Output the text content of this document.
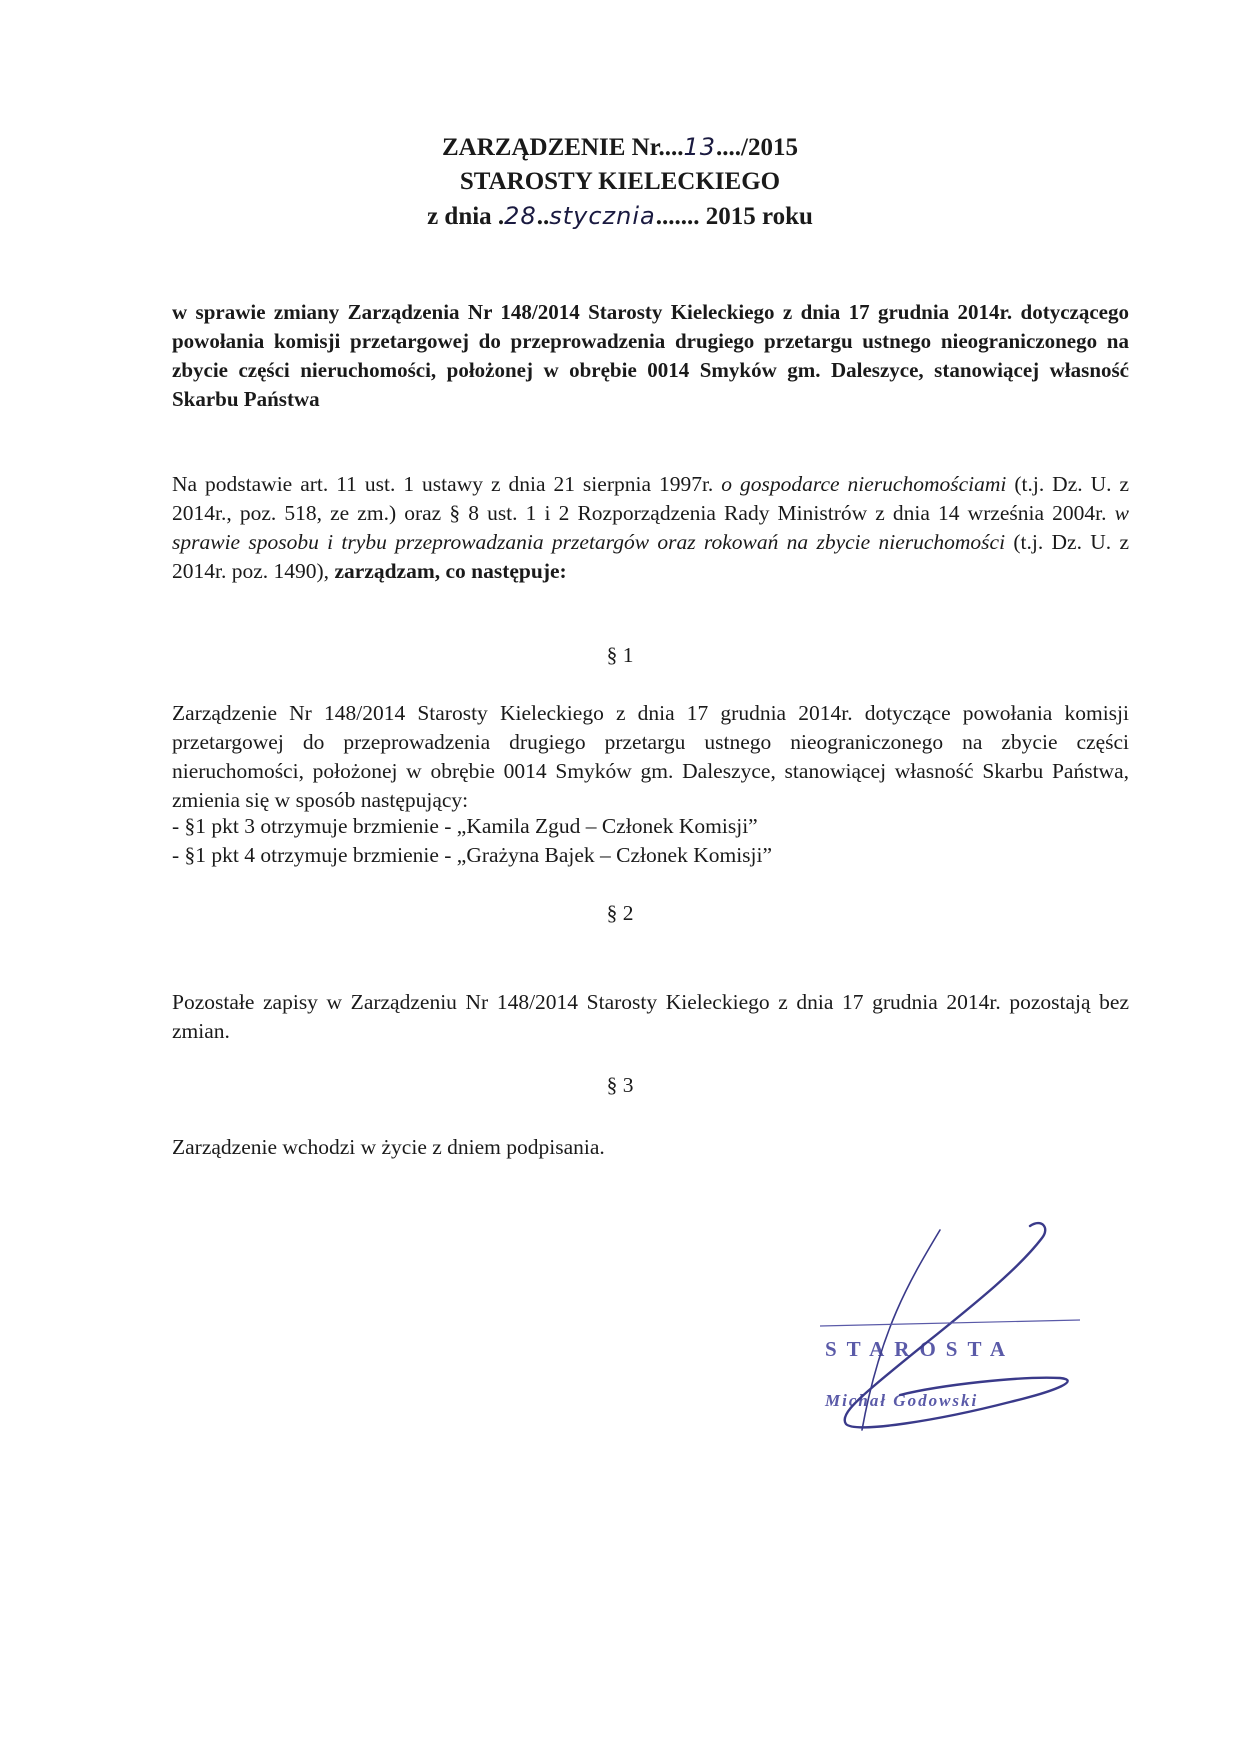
ZARZĄDZENIE Nr....13..../2015
STAROSTY KIELECKIEGO
z dnia .28..stycznia....... 2015 roku
w sprawie zmiany Zarządzenia Nr 148/2014 Starosty Kieleckiego z dnia 17 grudnia 2014r. dotyczącego powołania komisji przetargowej do przeprowadzenia drugiego przetargu ustnego nieograniczonego na zbycie części nieruchomości, położonej w obrębie 0014 Smyków gm. Daleszyce, stanowiącej własność Skarbu Państwa
Na podstawie art. 11 ust. 1 ustawy z dnia 21 sierpnia 1997r. o gospodarce nieruchomościami (t.j. Dz. U. z 2014r., poz. 518, ze zm.) oraz § 8 ust. 1 i 2 Rozporządzenia Rady Ministrów z dnia 14 września 2004r. w sprawie sposobu i trybu przeprowadzania przetargów oraz rokowań na zbycie nieruchomości (t.j. Dz. U. z 2014r. poz. 1490), zarządzam, co następuje:
§ 1
Zarządzenie Nr 148/2014 Starosty Kieleckiego z dnia 17 grudnia 2014r. dotyczące powołania komisji przetargowej do przeprowadzenia drugiego przetargu ustnego nieograniczonego na zbycie części nieruchomości, położonej w obrębie 0014 Smyków gm. Daleszyce, stanowiącej własność Skarbu Państwa, zmienia się w sposób następujący:
- §1 pkt 3 otrzymuje brzmienie - „Kamila Zgud – Członek Komisji”
- §1 pkt 4 otrzymuje brzmienie - „Grażyna Bajek – Członek Komisji”
§ 2
Pozostałe zapisy w Zarządzeniu Nr 148/2014 Starosty Kieleckiego z dnia 17 grudnia 2014r. pozostają bez zmian.
§ 3
Zarządzenie wchodzi w życie z dniem podpisania.
STAROSTA
Michał Godowski
